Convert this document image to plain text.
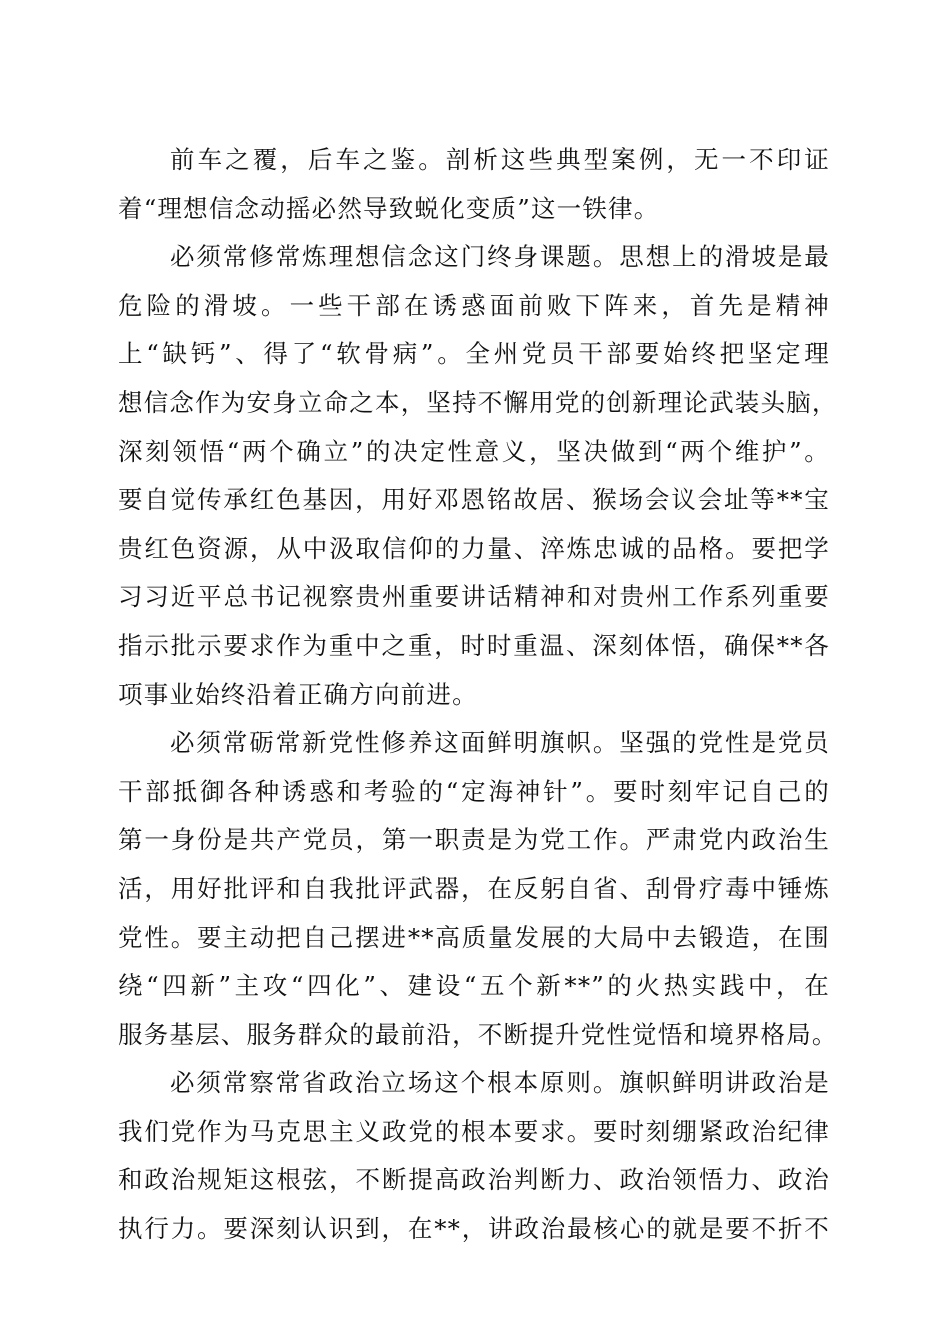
前车之覆，后车之鉴。剖析这些典型案例，无一不印证
着“理想信念动摇必然导致蜕化变质”这一铁律。
必须常修常炼理想信念这门终身课题。思想上的滑坡是最
危险的滑坡。一些干部在诱惑面前败下阵来，首先是精神
上“缺钙”、得了“软骨病”。全州党员干部要始终把坚定理
想信念作为安身立命之本，坚持不懈用党的创新理论武装头脑，
深刻领悟“两个确立”的决定性意义，坚决做到“两个维护”。
要自觉传承红色基因，用好邓恩铭故居、猴场会议会址等**宝
贵红色资源，从中汲取信仰的力量、淬炼忠诚的品格。要把学
习习近平总书记视察贵州重要讲话精神和对贵州工作系列重要
指示批示要求作为重中之重，时时重温、深刻体悟，确保**各
项事业始终沿着正确方向前进。
必须常砺常新党性修养这面鲜明旗帜。坚强的党性是党员
干部抵御各种诱惑和考验的“定海神针”。要时刻牢记自己的
第一身份是共产党员，第一职责是为党工作。严肃党内政治生
活，用好批评和自我批评武器，在反躬自省、刮骨疗毒中锤炼
党性。要主动把自己摆进**高质量发展的大局中去锻造，在围
绕“四新”主攻“四化”、建设“五个新**”的火热实践中，在
服务基层、服务群众的最前沿，不断提升党性觉悟和境界格局。
必须常察常省政治立场这个根本原则。旗帜鲜明讲政治是
我们党作为马克思主义政党的根本要求。要时刻绷紧政治纪律
和政治规矩这根弦，不断提高政治判断力、政治领悟力、政治
执行力。要深刻认识到，在**，讲政治最核心的就是要不折不
